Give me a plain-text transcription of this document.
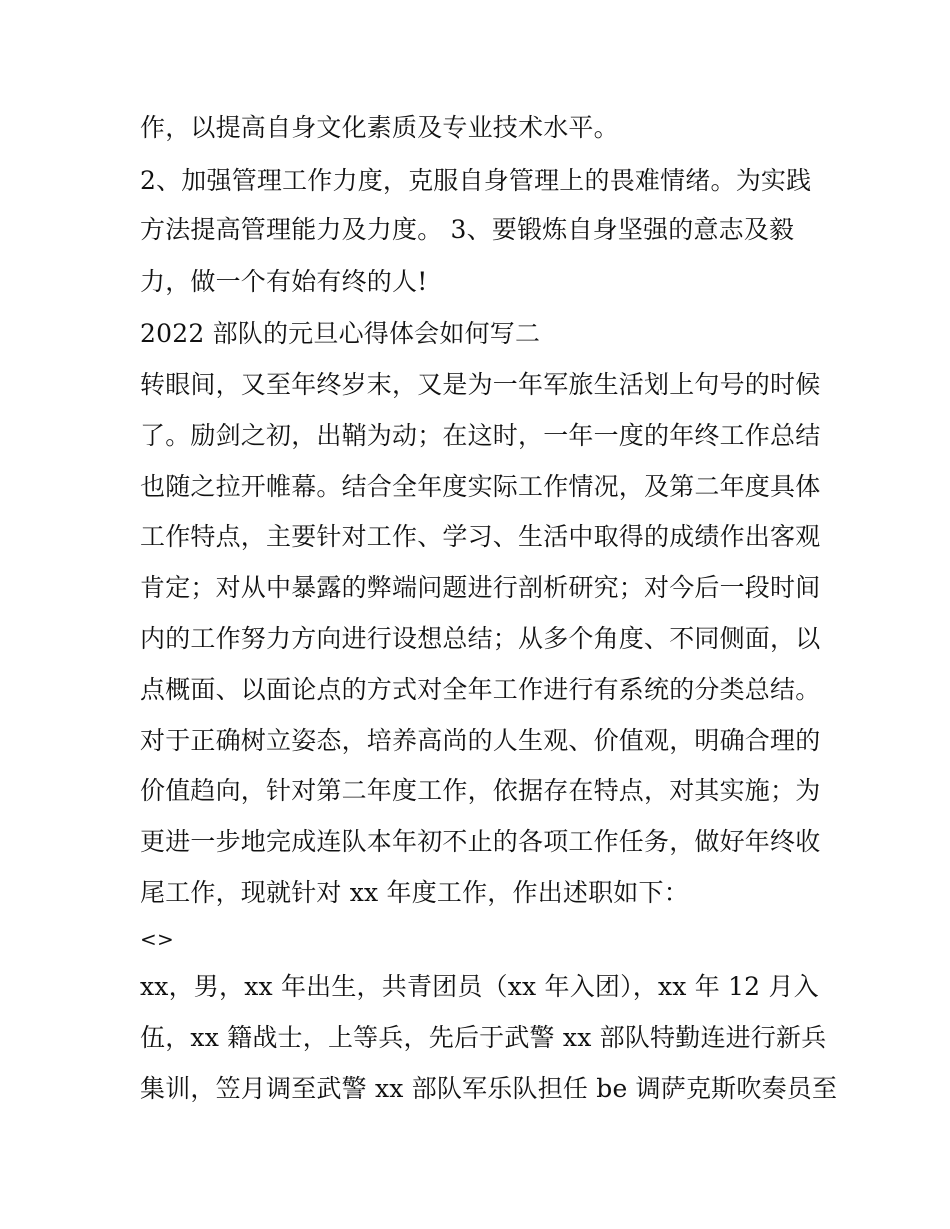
作，以提高自身文化素质及专业技术水平。
2、加强管理工作力度，克服自身管理上的畏难情绪。为实践
方法提高管理能力及力度。 3、要锻炼自身坚强的意志及毅
力，做一个有始有终的人!
2022 部队的元旦心得体会如何写二
转眼间，又至年终岁末，又是为一年军旅生活划上句号的时候
了。励剑之初，出鞘为动；在这时，一年一度的年终工作总结
也随之拉开帷幕。结合全年度实际工作情况，及第二年度具体
工作特点，主要针对工作、学习、生活中取得的成绩作出客观
肯定；对从中暴露的弊端问题进行剖析研究；对今后一段时间
内的工作努力方向进行设想总结；从多个角度、不同侧面，以
点概面、以面论点的方式对全年工作进行有系统的分类总结。
对于正确树立姿态，培养高尚的人生观、价值观，明确合理的
价值趋向，针对第二年度工作，依据存在特点，对其实施；为
更进一步地完成连队本年初不止的各项工作任务，做好年终收
尾工作，现就针对 xx 年度工作，作出述职如下：
<>
xx，男，xx 年出生，共青团员（xx 年入团），xx 年 12 月入
伍，xx 籍战士，上等兵，先后于武警 xx 部队特勤连进行新兵
集训，笠月调至武警 xx 部队军乐队担任 be 调萨克斯吹奏员至
